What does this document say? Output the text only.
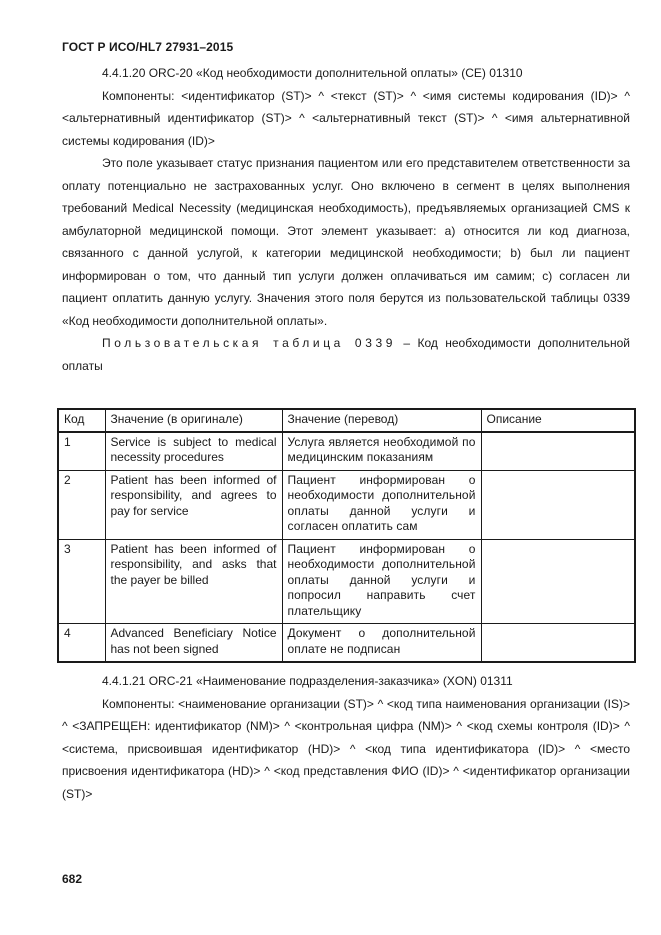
ГОСТ Р ИСО/HL7 27931–2015

4.4.1.20 ORC-20 «Код необходимости дополнительной оплаты» (CE) 01310

Компоненты: <идентификатор (ST)> ^ <текст (ST)> ^ <имя системы кодирования (ID)> ^ <альтернативный идентификатор (ST)> ^ <альтернативный текст (ST)> ^ <имя альтернативной системы кодирования (ID)>

Это поле указывает статус признания пациентом или его представителем ответственности за оплату потенциально не застрахованных услуг. Оно включено в сегмент в целях выполнения требований Medical Necessity (медицинская необходимость), предъявляемых организацией CMS к амбулаторной медицинской помощи. Этот элемент указывает: a) относится ли код диагноза, связанного с данной услугой, к категории медицинской необходимости; b) был ли пациент информирован о том, что данный тип услуги должен оплачиваться им самим; c) согласен ли пациент оплатить данную услугу. Значения этого поля берутся из пользовательской таблицы 0339 «Код необходимости дополнительной оплаты».

Пользовательская таблица 0339 – Код необходимости дополнительной оплаты

Код	Значение (в оригинале)	Значение (перевод)	Описание
1	Service is subject to medical necessity procedures	Услуга является необходимой по медицинским показаниям	
2	Patient has been informed of responsibility, and agrees to pay for service	Пациент информирован о необходимости дополнительной оплаты данной услуги и согласен оплатить сам	
3	Patient has been informed of responsibility, and asks that the payer be billed	Пациент информирован о необходимости дополнительной оплаты данной услуги и попросил направить счет плательщику	
4	Advanced Beneficiary Notice has not been signed	Документ о дополнительной оплате не подписан	

4.4.1.21 ORC-21 «Наименование подразделения-заказчика» (XON) 01311

Компоненты: <наименование организации (ST)> ^ <код типа наименования организации (IS)> ^ <ЗАПРЕЩЕН: идентификатор (NM)> ^ <контрольная цифра (NM)> ^ <код схемы контроля (ID)> ^ <система, присвоившая идентификатор (HD)> ^ <код типа идентификатора (ID)> ^ <место присвоения идентификатора (HD)> ^ <код представления ФИО (ID)> ^ <идентификатор организации (ST)>

682
